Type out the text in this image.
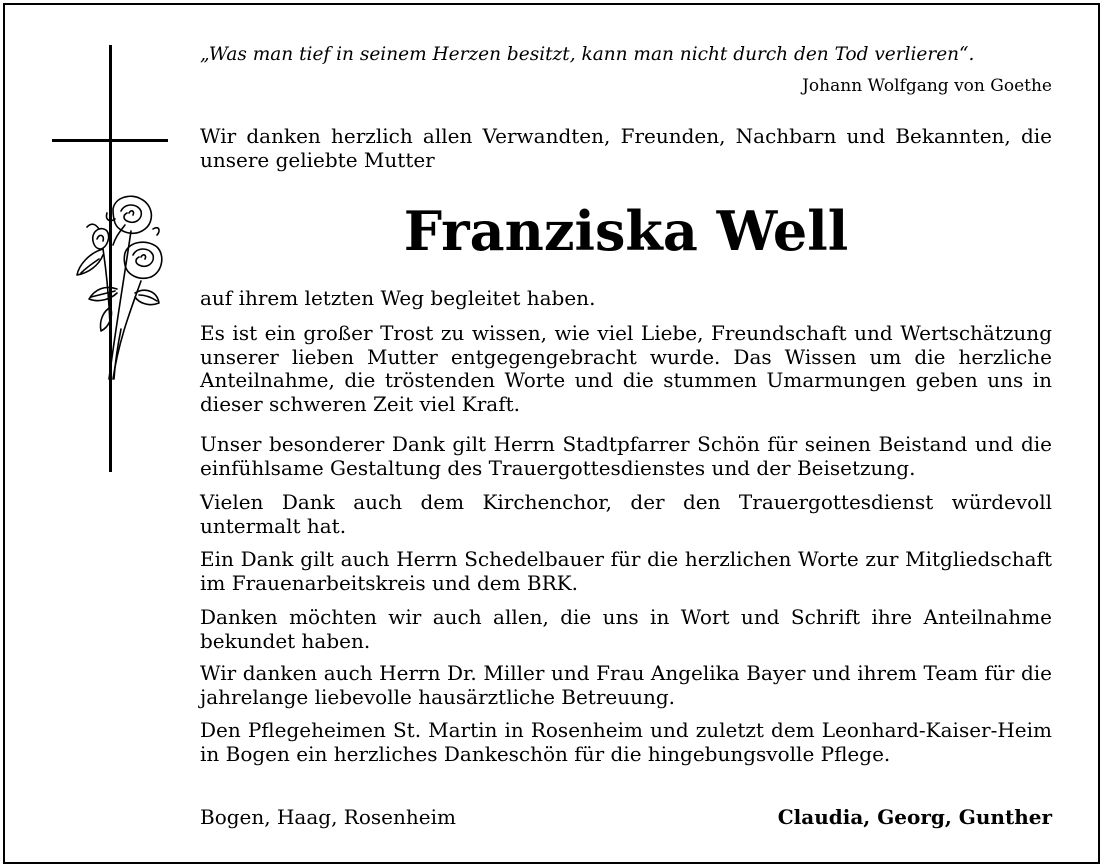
„Was man tief in seinem Herzen besitzt, kann man nicht durch den Tod verlieren“.
Johann Wolfgang von Goethe
Wir danken herzlich allen Verwandten, Freunden, Nachbarn und Bekannten, die unsere geliebte Mutter
Franziska Well
auf ihrem letzten Weg begleitet haben.
Es ist ein großer Trost zu wissen, wie viel Liebe, Freundschaft und Wertschätzung unserer lieben Mutter entgegengebracht wurde. Das Wissen um die herzliche Anteilnahme, die tröstenden Worte und die stummen Umarmungen geben uns in dieser schweren Zeit viel Kraft.
Unser besonderer Dank gilt Herrn Stadtpfarrer Schön für seinen Beistand und die einfühlsame Gestaltung des Trauergottesdienstes und der Beisetzung.
Vielen Dank auch dem Kirchenchor, der den Trauergottesdienst würdevoll untermalt hat.
Ein Dank gilt auch Herrn Schedelbauer für die herzlichen Worte zur Mitgliedschaft im Frauenarbeitskreis und dem BRK.
Danken möchten wir auch allen, die uns in Wort und Schrift ihre Anteilnahme bekundet haben.
Wir danken auch Herrn Dr. Miller und Frau Angelika Bayer und ihrem Team für die jahrelange liebevolle hausärztliche Betreuung.
Den Pflegeheimen St. Martin in Rosenheim und zuletzt dem Leonhard-Kaiser-Heim in Bogen ein herzliches Dankeschön für die hingebungsvolle Pflege.
Bogen, Haag, Rosenheim	Claudia, Georg, Gunther
